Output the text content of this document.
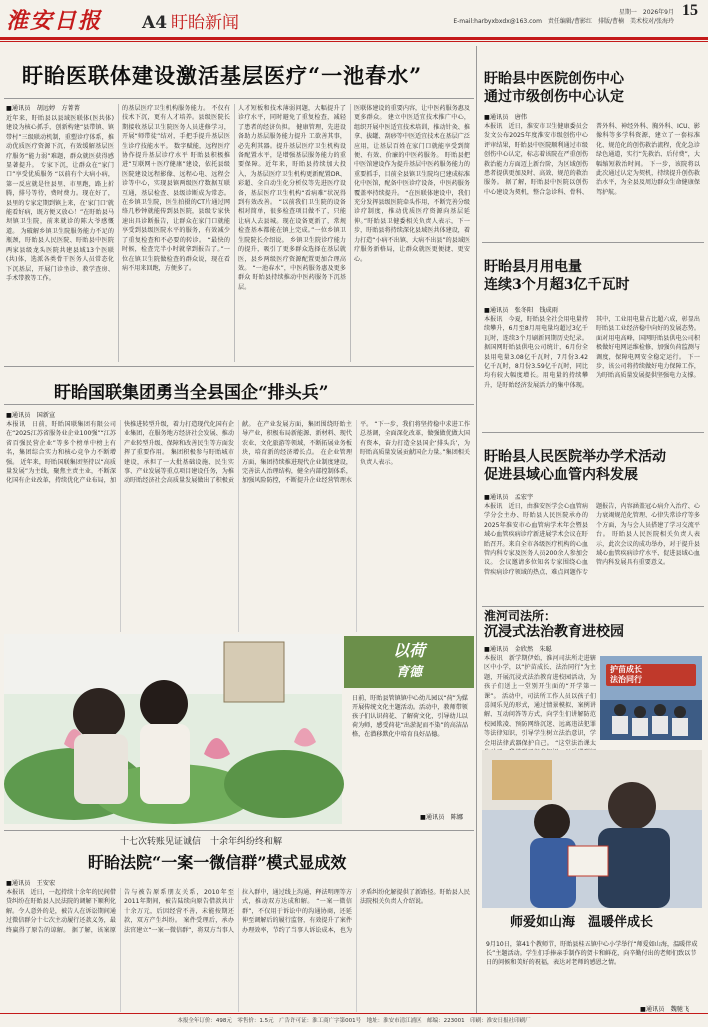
淮安日报	A4 盱眙新闻
星期一　2026年9月
E-mail:harbyxbxdx@163.com　责任编辑/曹影红　排版/曹楠　美术校对/张海玲
15
盱眙医联体建设激活基层医疗“一池春水”
■通讯员　胡远婷　方菁菁
近年来，盱眙县以县域医联体(医共体)建设为核心抓手，创新构建“县带镇、镇带村”三级联动机制，重塑诊疗体系，推动优质医疗资源下沉，有效缓解基层医疗服务“能力弱”难题，群众就医获得感显著提升。 专家下沉，让群众在“家门口”享受优质服务 “以前有个大病小病，第一反应就是往县里、市里跑，路上折腾，排号等待，费时费力。现在好了，县里的专家定期到镇上来，在‘家门口’就能看好病，既方便又放心！”在盱眙县马坝镇卫生院，前来就诊的陈大爷感慨道。 为破解乡镇卫生院服务能力不足的瓶颈，盱眙县人民医院、盱眙县中医院两家县级龙头医院共建县域13个医联(共)体，选派各类骨干医务人员常态化下沉基层，开展门诊坐诊、教学查房、手术带教等工作。
的基层医疗卫生机构服务能力。 不仅有技术下沉，更有人才培养。县级医院长期接收基层卫生院医务人员进修学习，开展“师带徒”结对，手把手提升基层医生诊疗技能水平。 数字赋能，远程医疗协作提升基层诊疗水平 盱眙县积极推进“互联网＋医疗健康”建设，依托县级医院建设远程影像、远程心电、远程会诊等中心，实现县镇两级医疗数据互联互通，基层检查、县级诊断成为常态。 在乡镇卫生院，医生拍摄的CT片通过网络几秒钟就能传到县医院，县级专家快速出具诊断报告，让群众在家门口就能享受到县级医院水平的服务，有效减少了重复检查和不必要的转诊。 “最快的时候，检查完半小时就拿到报告了。”一位在镇卫生院做检查的群众说，现在看病不用来回跑，方便多了。
人才短板和技术薄弱问题，大幅提升了诊疗水平，同时避免了重复检查，减轻了患者的经济负担。 健康管理，先进设备助力基层服务能力提升 工欲善其事，必先利其器。提升基层医疗卫生机构设备配置水平，是增强基层服务能力的重要保障。近年来，盱眙县持续加大投入，为基层医疗卫生机构更新配置DR、彩超、全自动生化分析仪等先进医疗设备，基层医疗卫生机构“看病难”状况得到有效改善。 “以前我们卫生院的设备相对简单，很多检查项目做不了，只能让病人去县城。现在设备更新了，常规检查基本都能在镇上完成。”一位乡镇卫生院院长介绍说。 乡镇卫生院诊疗能力的提升，吸引了更多群众选择在基层就医，县乡两级医疗资源配置更加合理高效。 “一池春水”，中医药服务惠及更多群众 盱眙县持续推动中医药服务下沉基层。
医联体建设的重要内容，让中医药服务惠及更多群众。 建立中医适宜技术推广中心，组织开展中医适宜技术培训，推动针灸、推拿、拔罐、刮痧等中医适宜技术在基层广泛应用，让基层百姓在家门口就能享受到简便、有效、价廉的中医药服务。 盱眙县把中医馆建设作为提升基层中医药服务能力的重要抓手，目前全县镇卫生院均已建成标准化中医馆，配备中医诊疗设备，中医药服务覆盖率持续提升。 “在医联体建设中，我们充分发挥县级医院牵头作用，不断完善分级诊疗制度，推动优质医疗资源向基层延伸。”盱眙县卫健委相关负责人表示，下一步，盱眙县将持续深化县域医共体建设，着力打造“小病不出镇、大病不出县”的县域医疗服务新格局，让群众就医更便捷、更安心。
盱眙县中医院创伤中心
通过市级创伤中心认定
■通讯员　唐伟
本报讯　近日，淮安市卫生健康委员会发文公布2025年度淮安市级创伤中心评审结果，盱眙县中医院顺利通过市级创伤中心认定，标志着该院在严重创伤救治能力方面迈上新台阶，为区域创伤患者提供更加及时、高效、规范的救治服务。 据了解，盱眙县中医院以创伤中心建设为契机，整合急诊科、骨科、普外科、神经外科、胸外科、ICU、影像科等多学科资源，建立了一套标准化、规范化的创伤救治流程，优化急诊绿色通道，实行“先救治、后付费”，大幅缩短救治时间。 下一步，该院将以此次通过认定为契机，持续提升创伤救治水平，为全县及周边群众生命健康保驾护航。
盱眙县月用电量
连续3个月超3亿千瓦时
■通讯员　张冬阳　钱成雨
本报讯　今夏，盱眙县全社会用电量持续攀升，6月至8月用电量均超过3亿千瓦时，连续3个月刷新同期历史纪录。 据国网盱眙县供电公司统计，6月份全县用电量3.08亿千瓦时，7月份3.42亿千瓦时，8月份3.59亿千瓦时，同比均有较大幅度增长。用电量的持续攀升，是盱眙经济发展活力的集中体现。 其中，工业用电量占比超六成，彰显出盱眙县工业经济稳中向好的发展态势。 面对用电高峰，国网盱眙县供电公司积极做好电网运维检修，加强负荷监测与调度，保障电网安全稳定运行。 下一步，该公司将持续做好电力保障工作，为盱眙高质量发展提供坚强电力支撑。
盱眙县人民医院举办学术活动
促进县域心血管内科发展
■通讯员　孟宏宇
本报讯　近日，由淮安医学会心血管病学分会主办、盱眙县人民医院承办的2025年淮安市心血管病学术年会暨县域心血管疾病诊疗新进展学术会议在盱眙召开。来自全市各级医疗机构的心血管内科专家及医务人员200余人参加会议。 会议邀请多位知名专家围绕心血管疾病诊疗领域的热点、难点问题作专题报告，内容涵盖冠心病介入治疗、心力衰竭规范化管理、心律失常诊疗等多个方面，为与会人员搭建了学习交流平台。 盱眙县人民医院相关负责人表示，此次会议的成功举办，对于提升县域心血管疾病诊疗水平、促进县域心血管内科发展具有重要意义。
淮河司法所：
沉浸式法治教育进校园
■通讯员　金欣然　朱聪
本报讯　新学期伊始，淮河司法所走进辖区中小学，以“护苗成长、法治同行”为主题，开展沉浸式法治教育进校园活动，为孩子们送上一堂别开生面的“开学第一课”。 活动中，司法所工作人员以孩子们喜闻乐见的形式，通过情景模拟、案例讲解、互动问答等方式，向学生们讲解防范校园欺凌、预防网络沉迷、远离违法犯罪等法律知识，引导学生树立法治意识，学会用法律武器保护自己。 “这堂法治课太
护苗成长
法治同行
盱眙国联集团勇当全县国企“排头兵”
■通讯员　国新宣
本报讯　日前，盱眙国联集团有限公司在“2025江苏省服务业企业100强”“江苏省百强民营企业”等多个榜单中榜上有名，集团综合实力和核心竞争力不断增强。 近年来，盱眙国联集团坚持以“高质量发展”为主线，聚焦主责主业，不断深化国有企业改革，持续优化产业布局，加快推进转型升级，着力打造现代化国有企业集团，在服务地方经济社会发展、推动产业转型升级、保障和改善民生等方面发挥了重要作用。 集团积极参与盱眙城市建设，承担了一大批基础设施、民生实事、产业发展等重点项目建设任务，为推动盱眙经济社会高质量发展做出了积极贡献。 在产业发展方面，集团围绕盱眙主导产业，积极布局新能源、新材料、现代农业、文化旅游等领域，不断拓展业务板块，培育新的经济增长点。 在企业管理方面，集团持续推进现代企业制度建设，完善法人治理结构，健全内部控制体系，加强风险防控，不断提升企业经营管理水平。 “下一步，我们将坚持稳中求进工作总基调，全面深化改革，做强做优做大国有资本，奋力打造全县国企‘排头兵’，为盱眙高质量发展贡献国企力量。”集团相关负责人表示。
以荷
育德
日前，盱眙县管镇镇中心幼儿园以“荷”为媒开展传统文化主题活动。活动中，教师带领孩子们认识荷花、了解荷文化，引导幼儿以荷为师，感受荷花“出淤泥而不染”的高洁品格，在潜移默化中培育良好品德。
■通讯员　陈娜
十七次转账见证诚信　十余年纠纷终和解
盱眙法院“一案一微信群”模式显成效
■通讯员　王安宏
本报讯　近日，一起持续十余年的民间借贷纠纷在盱眙县人民法院的调解下顺利化解。令人意外的是，被告人在诉讼期间通过微信群分十七次主动履行还款义务，最终赢得了原告的谅解。 据了解，该案原告与被告原系朋友关系，2010年至2011年期间，被告陆续向原告借款共计十余万元，后因经营不善，未能按期还款，双方产生纠纷。 案件受理后，承办法官建立“一案一微信群”，将双方当事人拉入群中，通过线上沟通、释法明理等方式，推动双方达成和解。 “一案一微信群”，不仅用于诉讼中的沟通协商，还延伸至调解后的履行监督，有效提升了案件办理效率，节约了当事人诉讼成本，也为矛盾纠纷化解提供了新路径。盱眙县人民法院相关负责人介绍说。
师爱如山海　温暖伴成长
9月10日，第41个教师节，盱眙县桂五镇中心小学举行“师爱如山海，温暖伴成长”主题活动。学生们手捧亲手制作的贺卡和鲜花，向辛勤付出的老师们致以节日的问候和美好的祝福，表达对老师的感恩之情。
■通讯员　魏驰飞
本报全年订价：498元　零售价：1.5元　广告许可证：淮工商广字第001号　地址：淮安市清江浦区　邮编：223001　印刷：淮安日报社印刷厂
